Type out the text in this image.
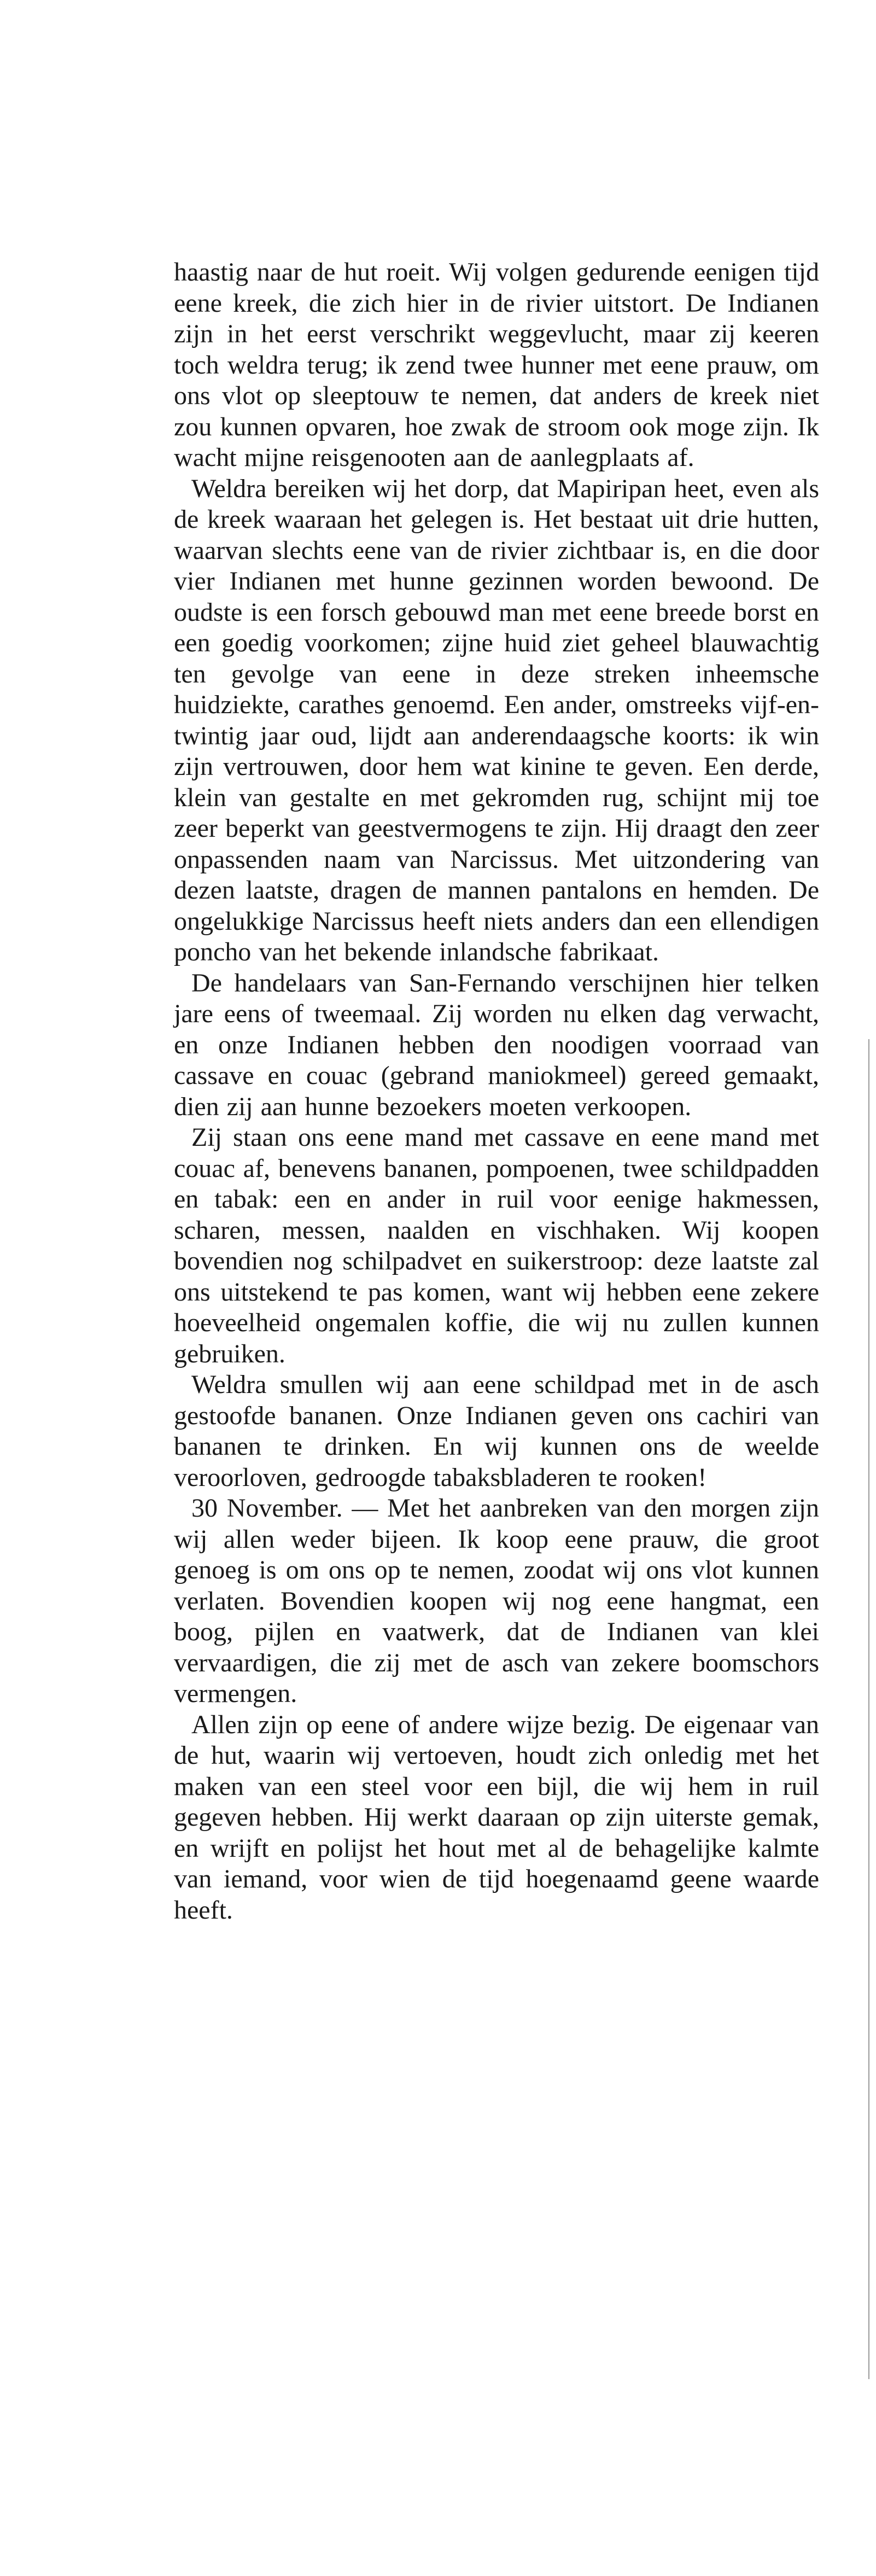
haastig naar de hut roeit. Wij volgen gedurende eenigen tijd eene kreek, die zich hier in de rivier uitstort. De Indianen zijn in het eerst verschrikt weggevlucht, maar zij keeren toch weldra terug; ik zend twee hunner met eene prauw, om ons vlot op sleeptouw te nemen, dat anders de kreek niet zou kunnen opvaren, hoe zwak de stroom ook moge zijn. Ik wacht mijne reisgenooten aan de aanlegplaats af.

Weldra bereiken wij het dorp, dat Mapiripan heet, even als de kreek waaraan het gelegen is. Het bestaat uit drie hutten, waarvan slechts eene van de rivier zichtbaar is, en die door vier Indianen met hunne gezinnen worden bewoond. De oudste is een forsch gebouwd man met eene breede borst en een goedig voorkomen; zijne huid ziet geheel blauwachtig ten gevolge van eene in deze streken inheemsche huidziekte, carathes genoemd. Een ander, omstreeks vijf-en-twintig jaar oud, lijdt aan anderendaagsche koorts: ik win zijn vertrouwen, door hem wat kinine te geven. Een derde, klein van gestalte en met gekromden rug, schijnt mij toe zeer beperkt van geestvermogens te zijn. Hij draagt den zeer onpassenden naam van Narcissus. Met uitzondering van dezen laatste, dragen de mannen pantalons en hemden. De ongelukkige Narcissus heeft niets anders dan een ellendigen poncho van het bekende inlandsche fabrikaat.

De handelaars van San-Fernando verschijnen hier telken jare eens of tweemaal. Zij worden nu elken dag verwacht, en onze Indianen hebben den noodigen voorraad van cassave en couac (gebrand maniokmeel) gereed gemaakt, dien zij aan hunne bezoekers moeten verkoopen.

Zij staan ons eene mand met cassave en eene mand met couac af, benevens bananen, pompoenen, twee schildpadden en tabak: een en ander in ruil voor eenige hakmessen, scharen, messen, naalden en vischhaken. Wij koopen bovendien nog schilpadvet en suikerstroop: deze laatste zal ons uitstekend te pas komen, want wij hebben eene zekere hoeveelheid ongemalen koffie, die wij nu zullen kunnen gebruiken.

Weldra smullen wij aan eene schildpad met in de asch gestoofde bananen. Onze Indianen geven ons cachiri van bananen te drinken. En wij kunnen ons de weelde veroorloven, gedroogde tabaksbladeren te rooken!

30 November. — Met het aanbreken van den morgen zijn wij allen weder bijeen. Ik koop eene prauw, die groot genoeg is om ons op te nemen, zoodat wij ons vlot kunnen verlaten. Bovendien koopen wij nog eene hangmat, een boog, pijlen en vaatwerk, dat de Indianen van klei vervaardigen, die zij met de asch van zekere boomschors vermengen.

Allen zijn op eene of andere wijze bezig. De eigenaar van de hut, waarin wij vertoeven, houdt zich onledig met het maken van een steel voor een bijl, die wij hem in ruil gegeven hebben. Hij werkt daaraan op zijn uiterste gemak, en wrijft en polijst het hout met al de behagelijke kalmte van iemand, voor wien de tijd hoegenaamd geene waarde heeft.
